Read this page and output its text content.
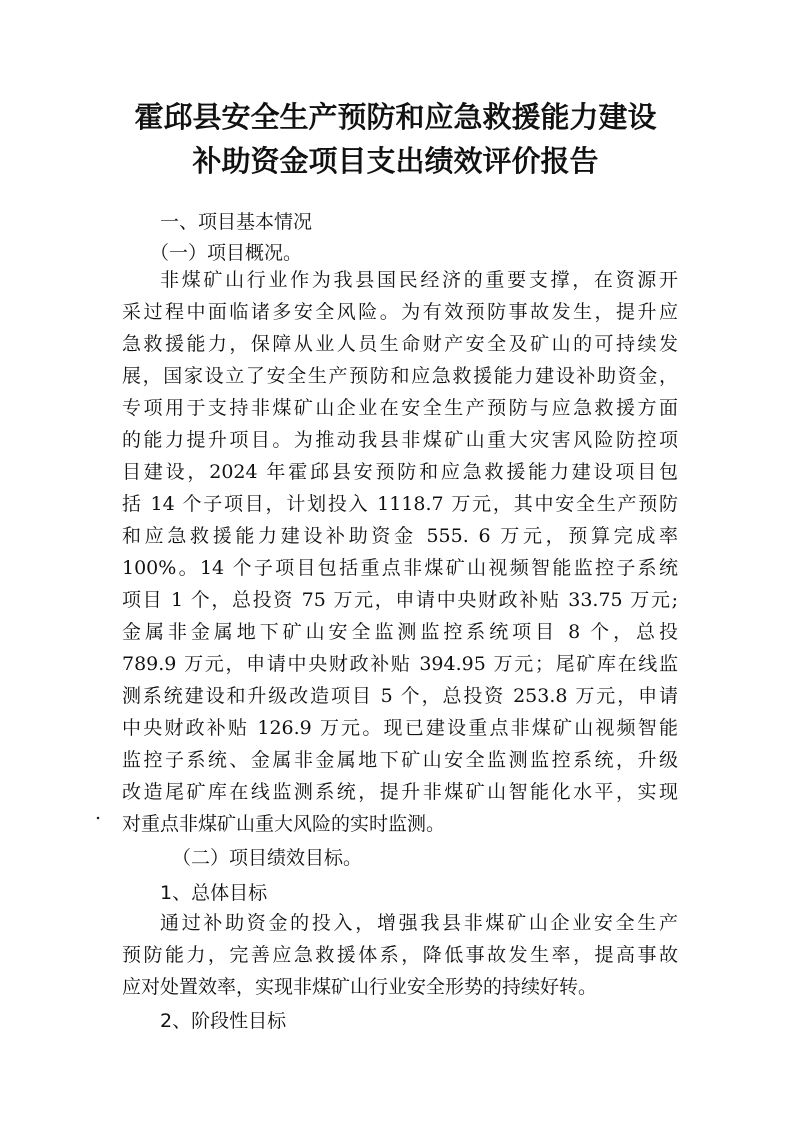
霍邱县安全生产预防和应急救援能力建设
补助资金项目支出绩效评价报告
一、项目基本情况
（一）项目概况。
非煤矿山行业作为我县国民经济的重要支撑，在资源开
采过程中面临诸多安全风险。为有效预防事故发生，提升应
急救援能力，保障从业人员生命财产安全及矿山的可持续发
展，国家设立了安全生产预防和应急救援能力建设补助资金，
专项用于支持非煤矿山企业在安全生产预防与应急救援方面
的能力提升项目。为推动我县非煤矿山重大灾害风险防控项
目建设，2024 年霍邱县安预防和应急救援能力建设项目包
括 14 个子项目，计划投入 1118.7 万元，其中安全生产预防
和应急救援能力建设补助资金 555. 6 万元，预算完成率
100%。14 个子项目包括重点非煤矿山视频智能监控子系统
项目 1 个，总投资 75 万元，申请中央财政补贴 33.75 万元;
金属非金属地下矿山安全监测监控系统项目 8 个，总投
789.9 万元，申请中央财政补贴 394.95 万元；尾矿库在线监
测系统建设和升级改造项目 5 个，总投资 253.8 万元，申请
中央财政补贴 126.9 万元。现已建设重点非煤矿山视频智能
监控子系统、金属非金属地下矿山安全监测监控系统，升级
改造尾矿库在线监测系统，提升非煤矿山智能化水平，实现
对重点非煤矿山重大风险的实时监测。
.
（二）项目绩效目标。
1、总体目标
通过补助资金的投入，增强我县非煤矿山企业安全生产
预防能力，完善应急救援体系，降低事故发生率，提高事故
应对处置效率，实现非煤矿山行业安全形势的持续好转。
2、阶段性目标
